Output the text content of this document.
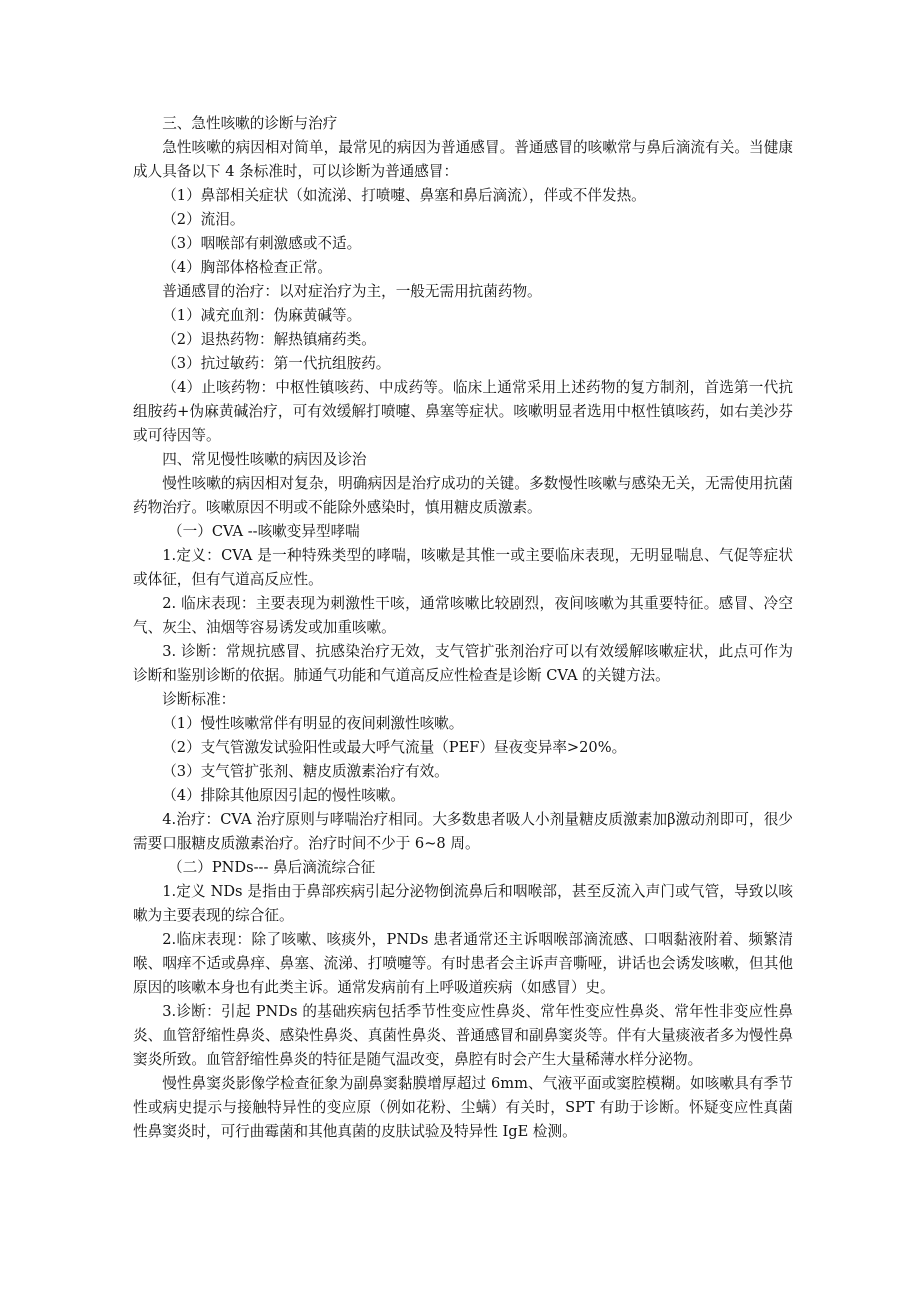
三、急性咳嗽的诊断与治疗

急性咳嗽的病因相对简单，最常见的病因为普通感冒。普通感冒的咳嗽常与鼻后滴流有关。当健康成人具备以下 4 条标准时，可以诊断为普通感冒：

（1）鼻部相关症状（如流涕、打喷嚏、鼻塞和鼻后滴流），伴或不伴发热。

（2）流泪。

（3）咽喉部有刺激感或不适。

（4）胸部体格检查正常。

普通感冒的治疗：以对症治疗为主，一般无需用抗菌药物。

（1）减充血剂：伪麻黄碱等。

（2）退热药物：解热镇痛药类。

（3）抗过敏药：第一代抗组胺药。

（4）止咳药物：中枢性镇咳药、中成药等。临床上通常采用上述药物的复方制剂，首选第一代抗组胺药+伪麻黄碱治疗，可有效缓解打喷嚏、鼻塞等症状。咳嗽明显者选用中枢性镇咳药，如右美沙芬或可待因等。

四、常见慢性咳嗽的病因及诊治

慢性咳嗽的病因相对复杂，明确病因是治疗成功的关键。多数慢性咳嗽与感染无关，无需使用抗菌药物治疗。咳嗽原因不明或不能除外感染时，慎用糖皮质激素。

（一）CVA --咳嗽变异型哮喘

1.定义：CVA 是一种特殊类型的哮喘，咳嗽是其惟一或主要临床表现，无明显喘息、气促等症状或体征，但有气道高反应性。

2. 临床表现：主要表现为刺激性干咳，通常咳嗽比较剧烈，夜间咳嗽为其重要特征。感冒、冷空气、灰尘、油烟等容易诱发或加重咳嗽。

3. 诊断：常规抗感冒、抗感染治疗无效，支气管扩张剂治疗可以有效缓解咳嗽症状，此点可作为诊断和鉴别诊断的依据。肺通气功能和气道高反应性检查是诊断 CVA 的关键方法。

诊断标准：

（1）慢性咳嗽常伴有明显的夜间刺激性咳嗽。

（2）支气管激发试验阳性或最大呼气流量（PEF）昼夜变异率>20%。

（3）支气管扩张剂、糖皮质激素治疗有效。

（4）排除其他原因引起的慢性咳嗽。

4.治疗：CVA 治疗原则与哮喘治疗相同。大多数患者吸人小剂量糖皮质激素加β激动剂即可，很少需要口服糖皮质激素治疗。治疗时间不少于 6~8 周。

（二）PNDs--- 鼻后滴流综合征

1.定义 NDs 是指由于鼻部疾病引起分泌物倒流鼻后和咽喉部，甚至反流入声门或气管，导致以咳嗽为主要表现的综合征。

2.临床表现：除了咳嗽、咳痰外，PNDs 患者通常还主诉咽喉部滴流感、口咽黏液附着、频繁清喉、咽痒不适或鼻痒、鼻塞、流涕、打喷嚏等。有时患者会主诉声音嘶哑，讲话也会诱发咳嗽，但其他原因的咳嗽本身也有此类主诉。通常发病前有上呼吸道疾病（如感冒）史。

3.诊断：引起 PNDs 的基础疾病包括季节性变应性鼻炎、常年性变应性鼻炎、常年性非变应性鼻炎、血管舒缩性鼻炎、感染性鼻炎、真菌性鼻炎、普通感冒和副鼻窦炎等。伴有大量痰液者多为慢性鼻窦炎所致。血管舒缩性鼻炎的特征是随气温改变，鼻腔有时会产生大量稀薄水样分泌物。

慢性鼻窦炎影像学检查征象为副鼻窦黏膜增厚超过 6mm、气液平面或窦腔模糊。如咳嗽具有季节性或病史提示与接触特异性的变应原（例如花粉、尘螨）有关时，SPT 有助于诊断。怀疑变应性真菌性鼻窦炎时，可行曲霉菌和其他真菌的皮肤试验及特异性 IgE 检测。
